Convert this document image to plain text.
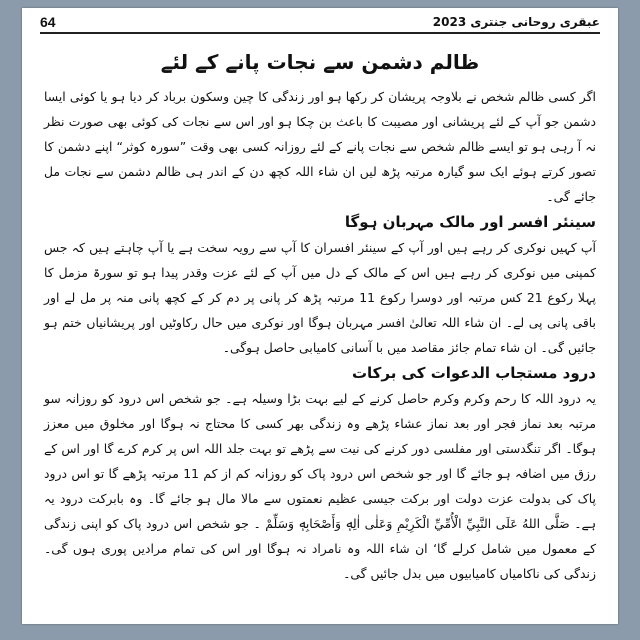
64	عبقری روحانی جنتری 2023
ظالم دشمن سے نجات پانے کے لئے

اگر کسی ظالم شخص نے بلاوجہ پریشان کر رکھا ہو اور زندگی کا چین وسکون برباد کر دیا ہو یا کوئی ایسا دشمن جو آپ کے لئے پریشانی اور مصیبت کا باعث بن چکا ہو اور اس سے نجات کی کوئی بھی صورت نظر نہ آ رہی ہو تو ایسے ظالم شخص سے نجات پانے کے لئے روزانہ کسی بھی وقت ”سورہ کوثر“ اپنے دشمن کا تصور کرتے ہوئے ایک سو گیارہ مرتبہ پڑھ لیں ان شاء اللہ کچھ دن کے اندر ہی ظالم دشمن سے نجات مل جائے گی۔

سینئر افسر اور مالک مہربان ہوگا

آپ کہیں نوکری کر رہے ہیں اور آپ کے سینئر افسران کا آپ سے رویہ سخت ہے یا آپ چاہتے ہیں کہ جس کمپنی میں نوکری کر رہے ہیں اس کے مالک کے دل میں آپ کے لئے عزت وقدر پیدا ہو تو سورۃ مزمل کا پہلا رکوع 21 کس مرتبہ اور دوسرا رکوع 11 مرتبہ پڑھ کر پانی پر دم کر کے کچھ پانی منہ پر مل لے اور باقی پانی پی لے۔ ان شاء اللہ تعالیٰ افسر مہربان ہوگا اور نوکری میں حال رکاوٹیں اور پریشانیاں ختم ہو جائیں گی۔ ان شاء تمام جائز مقاصد میں با آسانی کامیابی حاصل ہوگی۔

درود مستجاب الدعوات کی برکات

یہ درود اللہ کا رحم وکرم وکرم حاصل کرنے کے لیے بہت بڑا وسیلہ ہے۔ جو شخص اس درود کو روزانہ سو مرتبہ بعد نماز فجر اور بعد نماز عشاء پڑھے وہ زندگی بھر کسی کا محتاج نہ ہوگا اور مخلوق میں معزز ہوگا۔ اگر تنگدستی اور مفلسی دور کرنے کی نیت سے پڑھے تو بہت جلد اللہ اس پر کرم کرے گا اور اس کے رزق میں اضافہ ہو جائے گا اور جو شخص اس درود پاک کو روزانہ کم از کم 11 مرتبہ پڑھے گا تو اس درود پاک کی بدولت عزت دولت اور برکت جیسی عظیم نعمتوں سے مالا مال ہو جائے گا۔ وہ بابرکت درود یہ ہے۔ صَلَّى اللهُ عَلَى النَّبِيِّ الْأُمِّيِّ الْكَرِيْمِ وَعَلٰى اٰلِهٖ وَأَصْحَابِهٖ وَسَلِّمْ ۔ جو شخص اس درود پاک کو اپنی زندگی کے معمول میں شامل کرلے گا‘ ان شاء اللہ وہ نامراد نہ ہوگا اور اس کی تمام مرادیں پوری ہوں گی۔ زندگی کی ناکامیاں کامیابیوں میں بدل جائیں گی۔
